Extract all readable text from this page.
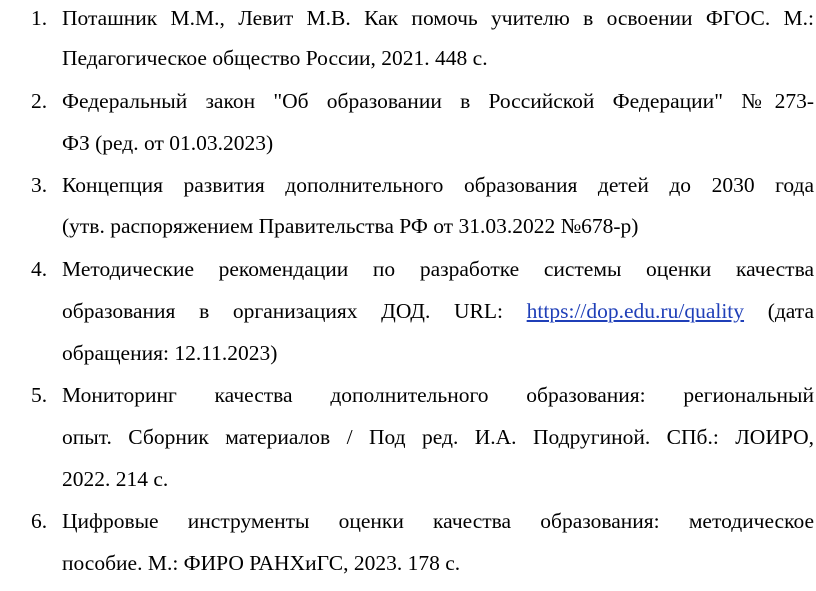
1. Поташник М.М., Левит М.В. Как помочь учителю в освоении ФГОС. М.:
Педагогическое общество России, 2021. 448 с.
2. Федеральный закон "Об образовании в Российской Федерации" №273-
ФЗ (ред. от 01.03.2023)
3. Концепция развития дополнительного образования детей до 2030 года
(утв. распоряжением Правительства РФ от 31.03.2022 №678-р)
4. Методические рекомендации по разработке системы оценки качества
образования в организациях ДОД. URL: https://dop.edu.ru/quality (дата
обращения: 12.11.2023)
5. Мониторинг качества дополнительного образования: региональный
опыт. Сборник материалов / Под ред. И.А. Подругиной. СПб.: ЛОИРО,
2022. 214 с.
6. Цифровые инструменты оценки качества образования: методическое
пособие. М.: ФИРО РАНХиГС, 2023. 178 с.
